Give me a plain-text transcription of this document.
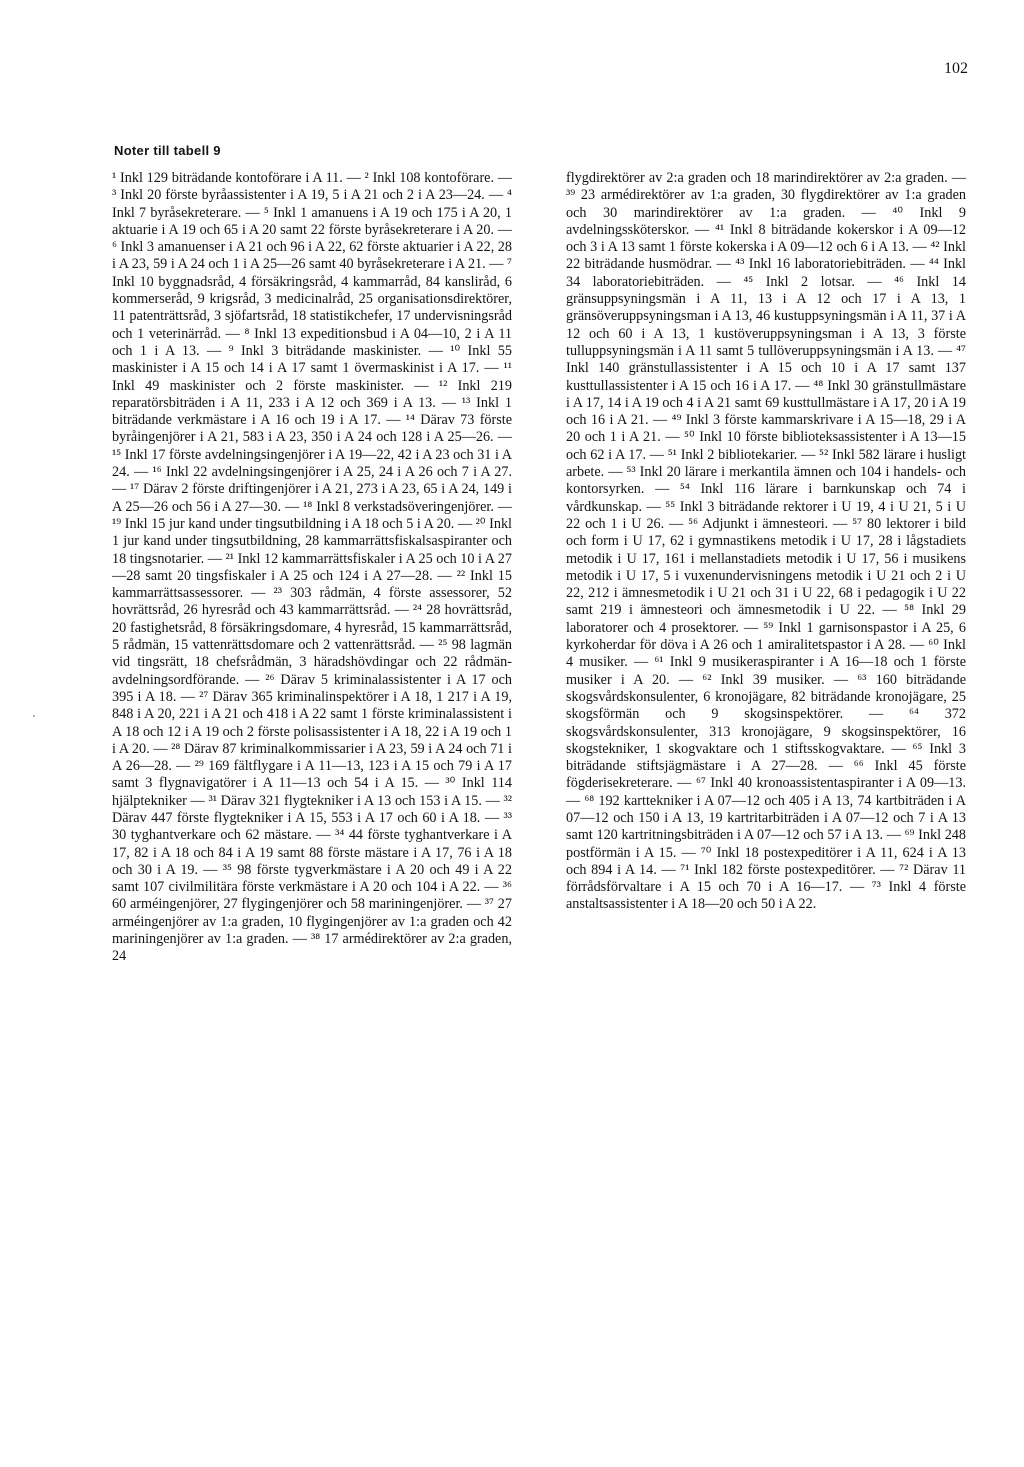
102
Noter till tabell 9
¹ Inkl 129 biträdande kontoförare i A 11. — ² Inkl 108 kontoförare. — ³ Inkl 20 förste byråassistenter i A 19, 5 i A 21 och 2 i A 23—24. — ⁴ Inkl 7 byråsekreterare. — ⁵ Inkl 1 amanuens i A 19 och 175 i A 20, 1 aktuarie i A 19 och 65 i A 20 samt 22 förste byråsekreterare i A 20. — ⁶ Inkl 3 amanuenser i A 21 och 96 i A 22, 62 förste aktuarier i A 22, 28 i A 23, 59 i A 24 och 1 i A 25—26 samt 40 byråsekreterare i A 21. — ⁷ Inkl 10 byggnadsråd, 4 försäkringsråd, 4 kammarråd, 84 kansliråd, 6 kommerseråd, 9 krigsråd, 3 medicinalråd, 25 organisationsdirektörer, 11 patenträttsråd, 3 sjöfartsråd, 18 statistikchefer, 17 undervisningsråd och 1 veterinärråd. — ⁸ Inkl 13 expeditionsbud i A 04—10, 2 i A 11 och 1 i A 13. — ⁹ Inkl 3 biträdande maskinister. — ¹⁰ Inkl 55 maskinister i A 15 och 14 i A 17 samt 1 övermaskinist i A 17. — ¹¹ Inkl 49 maskinister och 2 förste maskinister. — ¹² Inkl 219 reparatörsbiträden i A 11, 233 i A 12 och 369 i A 13. — ¹³ Inkl 1 biträdande verkmästare i A 16 och 19 i A 17. — ¹⁴ Därav 73 förste byråingenjörer i A 21, 583 i A 23, 350 i A 24 och 128 i A 25—26. — ¹⁵ Inkl 17 förste avdelningsingenjörer i A 19—22, 42 i A 23 och 31 i A 24. — ¹⁶ Inkl 22 avdelningsingenjörer i A 25, 24 i A 26 och 7 i A 27. — ¹⁷ Därav 2 förste driftingenjörer i A 21, 273 i A 23, 65 i A 24, 149 i A 25—26 och 56 i A 27—30. — ¹⁸ Inkl 8 verkstadsöveringenjörer. — ¹⁹ Inkl 15 jur kand under tingsutbildning i A 18 och 5 i A 20. — ²⁰ Inkl 1 jur kand under tingsutbildning, 28 kammarrättsfiskalsaspiranter och 18 tingsnotarier. — ²¹ Inkl 12 kammarrättsfiskaler i A 25 och 10 i A 27—28 samt 20 tingsfiskaler i A 25 och 124 i A 27—28. — ²² Inkl 15 kammarrättsassessorer. — ²³ 303 rådmän, 4 förste assessorer, 52 hovrättsråd, 26 hyresråd och 43 kammarrättsråd. — ²⁴ 28 hovrättsråd, 20 fastighetsråd, 8 försäkringsdomare, 4 hyresråd, 15 kammarrättsråd, 5 rådmän, 15 vattenrättsdomare och 2 vattenrättsråd. — ²⁵ 98 lagmän vid tingsrätt, 18 chefsrådmän, 3 häradshövdingar och 22 rådmän-avdelningsordförande. — ²⁶ Därav 5 kriminalassistenter i A 17 och 395 i A 18. — ²⁷ Därav 365 kriminalinspektörer i A 18, 1 217 i A 19, 848 i A 20, 221 i A 21 och 418 i A 22 samt 1 förste kriminalassistent i A 18 och 12 i A 19 och 2 förste polisassistenter i A 18, 22 i A 19 och 1 i A 20. — ²⁸ Därav 87 kriminalkommissarier i A 23, 59 i A 24 och 71 i A 26—28. — ²⁹ 169 fältflygare i A 11—13, 123 i A 15 och 79 i A 17 samt 3 flygnavigatörer i A 11—13 och 54 i A 15. — ³⁰ Inkl 114 hjälptekniker — ³¹ Därav 321 flygtekniker i A 13 och 153 i A 15. — ³² Därav 447 förste flygtekniker i A 15, 553 i A 17 och 60 i A 18. — ³³ 30 tyghantverkare och 62 mästare. — ³⁴ 44 förste tyghantverkare i A 17, 82 i A 18 och 84 i A 19 samt 88 förste mästare i A 17, 76 i A 18 och 30 i A 19. — ³⁵ 98 förste tygverkmästare i A 20 och 49 i A 22 samt 107 civilmilitära förste verkmästare i A 20 och 104 i A 22. — ³⁶ 60 arméingenjörer, 27 flygingenjörer och 58 mariningenjörer. — ³⁷ 27 arméingenjörer av 1:a graden, 10 flygingenjörer av 1:a graden och 42 mariningenjörer av 1:a graden. — ³⁸ 17 armédirektörer av 2:a graden, 24
flygdirektörer av 2:a graden och 18 marindirektörer av 2:a graden. — ³⁹ 23 armédirektörer av 1:a graden, 30 flygdirektörer av 1:a graden och 30 marindirektörer av 1:a graden. — ⁴⁰ Inkl 9 avdelningssköterskor. — ⁴¹ Inkl 8 biträdande kokerskor i A 09—12 och 3 i A 13 samt 1 förste kokerska i A 09—12 och 6 i A 13. — ⁴² Inkl 22 biträdande husmödrar. — ⁴³ Inkl 16 laboratoriebiträden. — ⁴⁴ Inkl 34 laboratoriebiträden. — ⁴⁵ Inkl 2 lotsar. — ⁴⁶ Inkl 14 gränsuppsyningsmän i A 11, 13 i A 12 och 17 i A 13, 1 gränsöveruppsyningsman i A 13, 46 kustuppsyningsmän i A 11, 37 i A 12 och 60 i A 13, 1 kustöveruppsyningsman i A 13, 3 förste tulluppsyningsmän i A 11 samt 5 tullöveruppsyningsmän i A 13. — ⁴⁷ Inkl 140 gränstullassistenter i A 15 och 10 i A 17 samt 137 kusttullassistenter i A 15 och 16 i A 17. — ⁴⁸ Inkl 30 gränstullmästare i A 17, 14 i A 19 och 4 i A 21 samt 69 kusttullmästare i A 17, 20 i A 19 och 16 i A 21. — ⁴⁹ Inkl 3 förste kammarskrivare i A 15—18, 29 i A 20 och 1 i A 21. — ⁵⁰ Inkl 10 förste biblioteksassistenter i A 13—15 och 62 i A 17. — ⁵¹ Inkl 2 bibliotekarier. — ⁵² Inkl 582 lärare i husligt arbete. — ⁵³ Inkl 20 lärare i merkantila ämnen och 104 i handels- och kontorsyrken. — ⁵⁴ Inkl 116 lärare i barnkunskap och 74 i vårdkunskap. — ⁵⁵ Inkl 3 biträdande rektorer i U 19, 4 i U 21, 5 i U 22 och 1 i U 26. — ⁵⁶ Adjunkt i ämnesteori. — ⁵⁷ 80 lektorer i bild och form i U 17, 62 i gymnastikens metodik i U 17, 28 i lågstadiets metodik i U 17, 161 i mellanstadiets metodik i U 17, 56 i musikens metodik i U 17, 5 i vuxenundervisningens metodik i U 21 och 2 i U 22, 212 i ämnesmetodik i U 21 och 31 i U 22, 68 i pedagogik i U 22 samt 219 i ämnesteori och ämnesmetodik i U 22. — ⁵⁸ Inkl 29 laboratorer och 4 prosektorer. — ⁵⁹ Inkl 1 garnisonspastor i A 25, 6 kyrkoherdar för döva i A 26 och 1 amiralitetspastor i A 28. — ⁶⁰ Inkl 4 musiker. — ⁶¹ Inkl 9 musikeraspiranter i A 16—18 och 1 förste musiker i A 20. — ⁶² Inkl 39 musiker. — ⁶³ 160 biträdande skogsvårdskonsulenter, 6 kronojägare, 82 biträdande kronojägare, 25 skogsförmän och 9 skogsinspektörer. — ⁶⁴ 372 skogsvårdskonsulenter, 313 kronojägare, 9 skogsinspektörer, 16 skogstekniker, 1 skogvaktare och 1 stiftsskogvaktare. — ⁶⁵ Inkl 3 biträdande stiftsjägmästare i A 27—28. — ⁶⁶ Inkl 45 förste fögderisekreterare. — ⁶⁷ Inkl 40 kronoassistentaspiranter i A 09—13. — ⁶⁸ 192 karttekniker i A 07—12 och 405 i A 13, 74 kartbiträden i A 07—12 och 150 i A 13, 19 kartritarbiträden i A 07—12 och 7 i A 13 samt 120 kartritningsbiträden i A 07—12 och 57 i A 13. — ⁶⁹ Inkl 248 postförmän i A 15. — ⁷⁰ Inkl 18 postexpeditörer i A 11, 624 i A 13 och 894 i A 14. — ⁷¹ Inkl 182 förste postexpeditörer. — ⁷² Därav 11 förrådsförvaltare i A 15 och 70 i A 16—17. — ⁷³ Inkl 4 förste anstaltsassistenter i A 18—20 och 50 i A 22.
